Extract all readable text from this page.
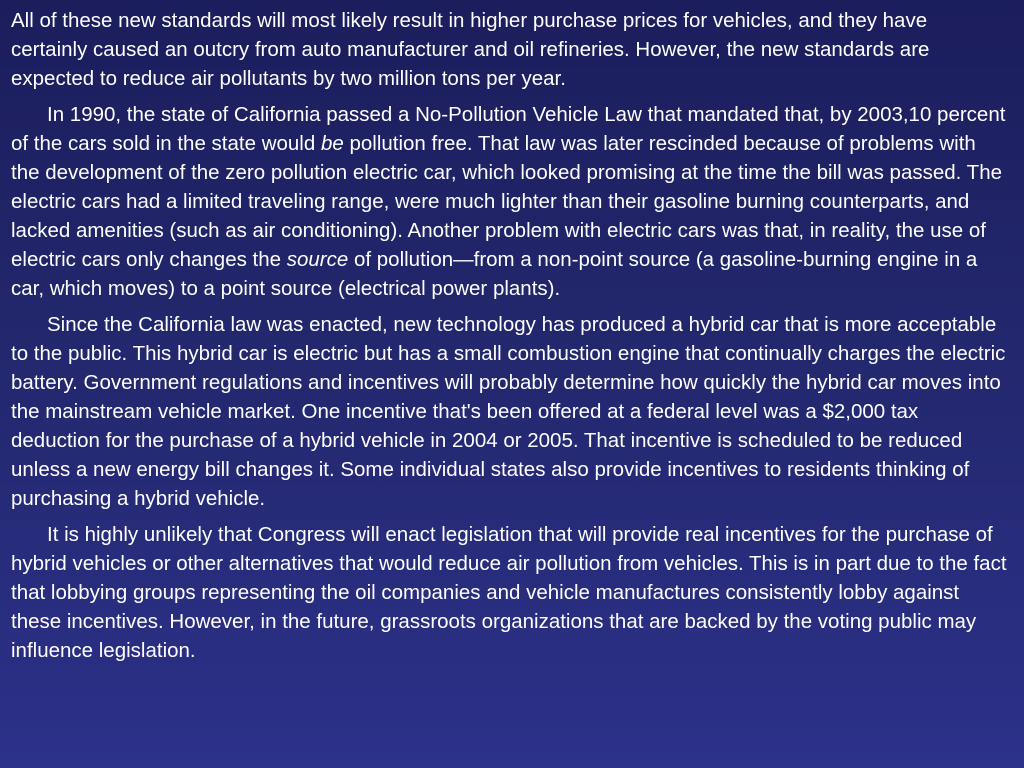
All of these new standards will most likely result in higher purchase prices for vehicles, and they have certainly caused an outcry from auto manufacturer and oil refineries. However, the new standards are expected to reduce air pollutants by two million tons per year.

In 1990, the state of California passed a No-Pollution Vehicle Law that mandated that, by 2003,10 percent of the cars sold in the state would be pollution free. That law was later rescinded because of problems with the development of the zero pollution electric car, which looked promising at the time the bill was passed. The electric cars had a limited traveling range, were much lighter than their gasoline burning counterparts, and lacked amenities (such as air conditioning). Another problem with electric cars was that, in reality, the use of electric cars only changes the source of pollution—from a non-point source (a gasoline-burning engine in a car, which moves) to a point source (electrical power plants).

Since the California law was enacted, new technology has produced a hybrid car that is more acceptable to the public. This hybrid car is electric but has a small combustion engine that continually charges the electric battery. Government regulations and incentives will probably determine how quickly the hybrid car moves into the mainstream vehicle market. One incentive that's been offered at a federal level was a $2,000 tax deduction for the purchase of a hybrid vehicle in 2004 or 2005. That incentive is scheduled to be reduced unless a new energy bill changes it. Some individual states also provide incentives to residents thinking of purchasing a hybrid vehicle.

It is highly unlikely that Congress will enact legislation that will provide real incentives for the purchase of hybrid vehicles or other alternatives that would reduce air pollution from vehicles. This is in part due to the fact that lobbying groups representing the oil companies and vehicle manufactures consistently lobby against these incentives. However, in the future, grassroots organizations that are backed by the voting public may influence legislation.
